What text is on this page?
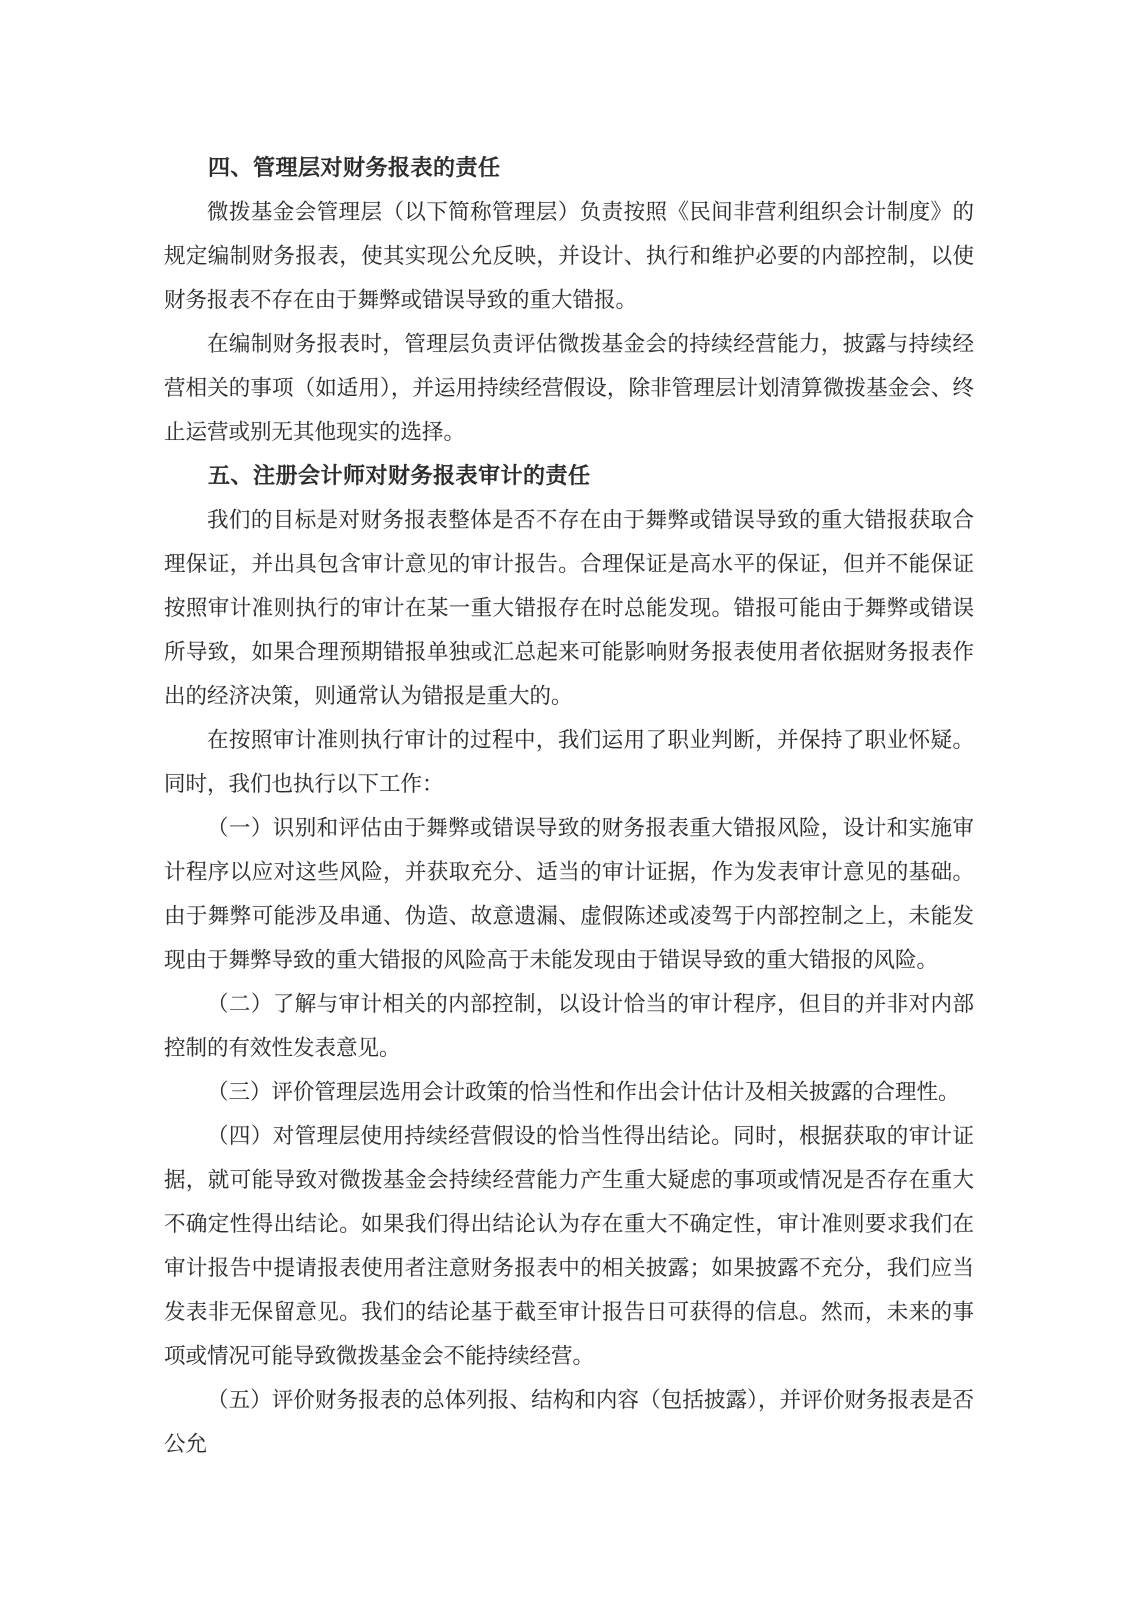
四、管理层对财务报表的责任

微拨基金会管理层（以下简称管理层）负责按照《民间非营利组织会计制度》的规定编制财务报表，使其实现公允反映，并设计、执行和维护必要的内部控制，以使财务报表不存在由于舞弊或错误导致的重大错报。

在编制财务报表时，管理层负责评估微拨基金会的持续经营能力，披露与持续经营相关的事项（如适用），并运用持续经营假设，除非管理层计划清算微拨基金会、终止运营或别无其他现实的选择。

五、注册会计师对财务报表审计的责任

我们的目标是对财务报表整体是否不存在由于舞弊或错误导致的重大错报获取合理保证，并出具包含审计意见的审计报告。合理保证是高水平的保证，但并不能保证按照审计准则执行的审计在某一重大错报存在时总能发现。错报可能由于舞弊或错误所导致，如果合理预期错报单独或汇总起来可能影响财务报表使用者依据财务报表作出的经济决策，则通常认为错报是重大的。

在按照审计准则执行审计的过程中，我们运用了职业判断，并保持了职业怀疑。同时，我们也执行以下工作：

（一）识别和评估由于舞弊或错误导致的财务报表重大错报风险，设计和实施审计程序以应对这些风险，并获取充分、适当的审计证据，作为发表审计意见的基础。由于舞弊可能涉及串通、伪造、故意遗漏、虚假陈述或凌驾于内部控制之上，未能发现由于舞弊导致的重大错报的风险高于未能发现由于错误导致的重大错报的风险。

（二）了解与审计相关的内部控制，以设计恰当的审计程序，但目的并非对内部控制的有效性发表意见。

（三）评价管理层选用会计政策的恰当性和作出会计估计及相关披露的合理性。

（四）对管理层使用持续经营假设的恰当性得出结论。同时，根据获取的审计证据，就可能导致对微拨基金会持续经营能力产生重大疑虑的事项或情况是否存在重大不确定性得出结论。如果我们得出结论认为存在重大不确定性，审计准则要求我们在审计报告中提请报表使用者注意财务报表中的相关披露；如果披露不充分，我们应当发表非无保留意见。我们的结论基于截至审计报告日可获得的信息。然而，未来的事项或情况可能导致微拨基金会不能持续经营。

（五）评价财务报表的总体列报、结构和内容（包括披露），并评价财务报表是否公允
